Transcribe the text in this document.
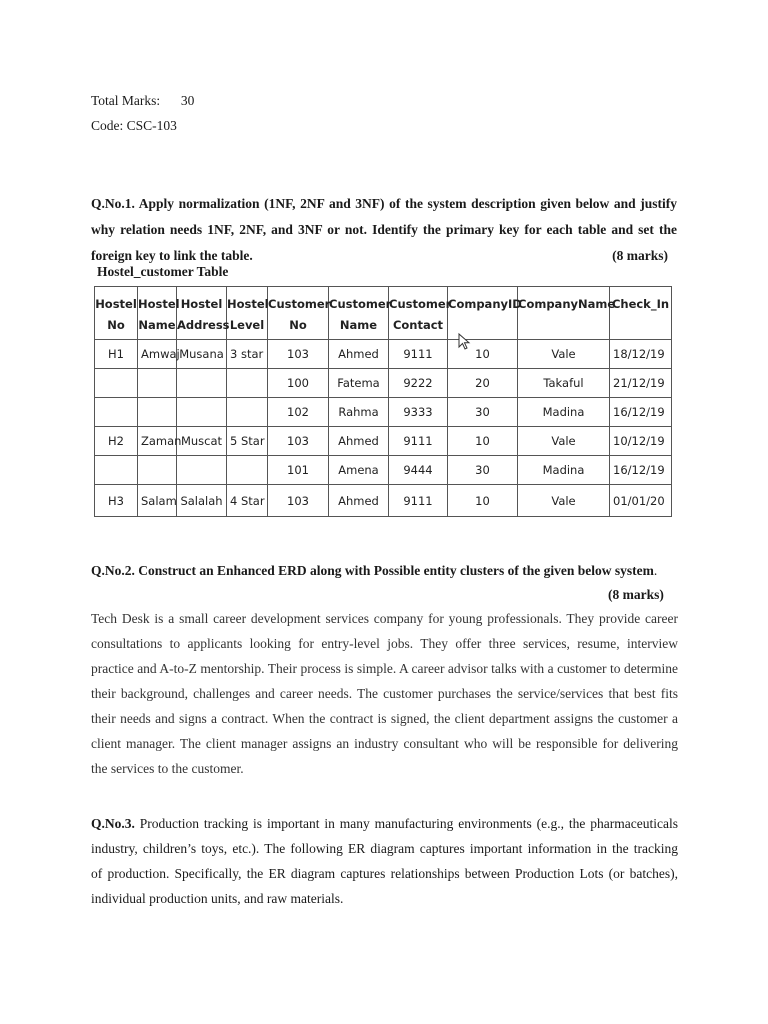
Total Marks: 30
Code: CSC-103
Q.No.1. Apply normalization (1NF, 2NF and 3NF) of the system description given below and justify
why relation needs 1NF, 2NF, and 3NF or not. Identify the primary key for each table and set the
foreign key to link the table.	(8 marks)
Hostel_customer Table
Hostel	Hostel	Hostel	Hostel	Customer	Customer	Customer	CompanyID	CompanyName	Check_In
No	Name	Address	Level	No	Name	Contact			
H1	Amwaj	Musana	3 star	103	Ahmed	9111	10	Vale	18/12/19
				100	Fatema	9222	20	Takaful	21/12/19
				102	Rahma	9333	30	Madina	16/12/19
H2	Zaman	Muscat	5 Star	103	Ahmed	9111	10	Vale	10/12/19
				101	Amena	9444	30	Madina	16/12/19
H3	Salam	Salalah	4 Star	103	Ahmed	9111	10	Vale	01/01/20
Q.No.2. Construct an Enhanced ERD along with Possible entity clusters of the given below system.
(8 marks)
Tech Desk is a small career development services company for young professionals. They provide career
consultations to applicants looking for entry-level jobs. They offer three services, resume, interview
practice and A-to-Z mentorship. Their process is simple. A career advisor talks with a customer to determine
their background, challenges and career needs. The customer purchases the service/services that best fits
their needs and signs a contract. When the contract is signed, the client department assigns the customer a
client manager. The client manager assigns an industry consultant who will be responsible for delivering
the services to the customer.
Q.No.3. Production tracking is important in many manufacturing environments (e.g., the pharmaceuticals
industry, children’s toys, etc.). The following ER diagram captures important information in the tracking
of production. Specifically, the ER diagram captures relationships between Production Lots (or batches),
individual production units, and raw materials.
